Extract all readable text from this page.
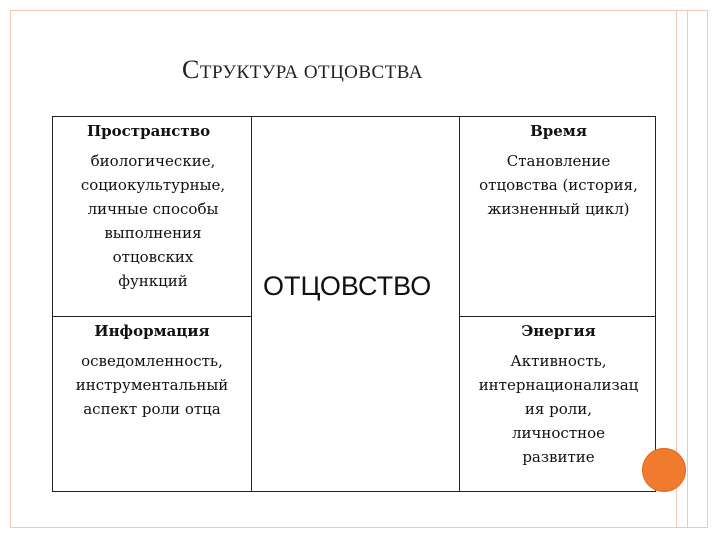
СТРУКТУРА ОТЦОВСТВА
Пространство
биологические,
социокультурные,
личные способы
выполнения
отцовских
функций
Время
Становление
отцовства (история,
жизненный цикл)
Информация
осведомленность,
инструментальный
аспект роли отца
Энергия
Активность,
интернационализац
ия роли,
личностное
развитие
ОТЦОВСТВО
